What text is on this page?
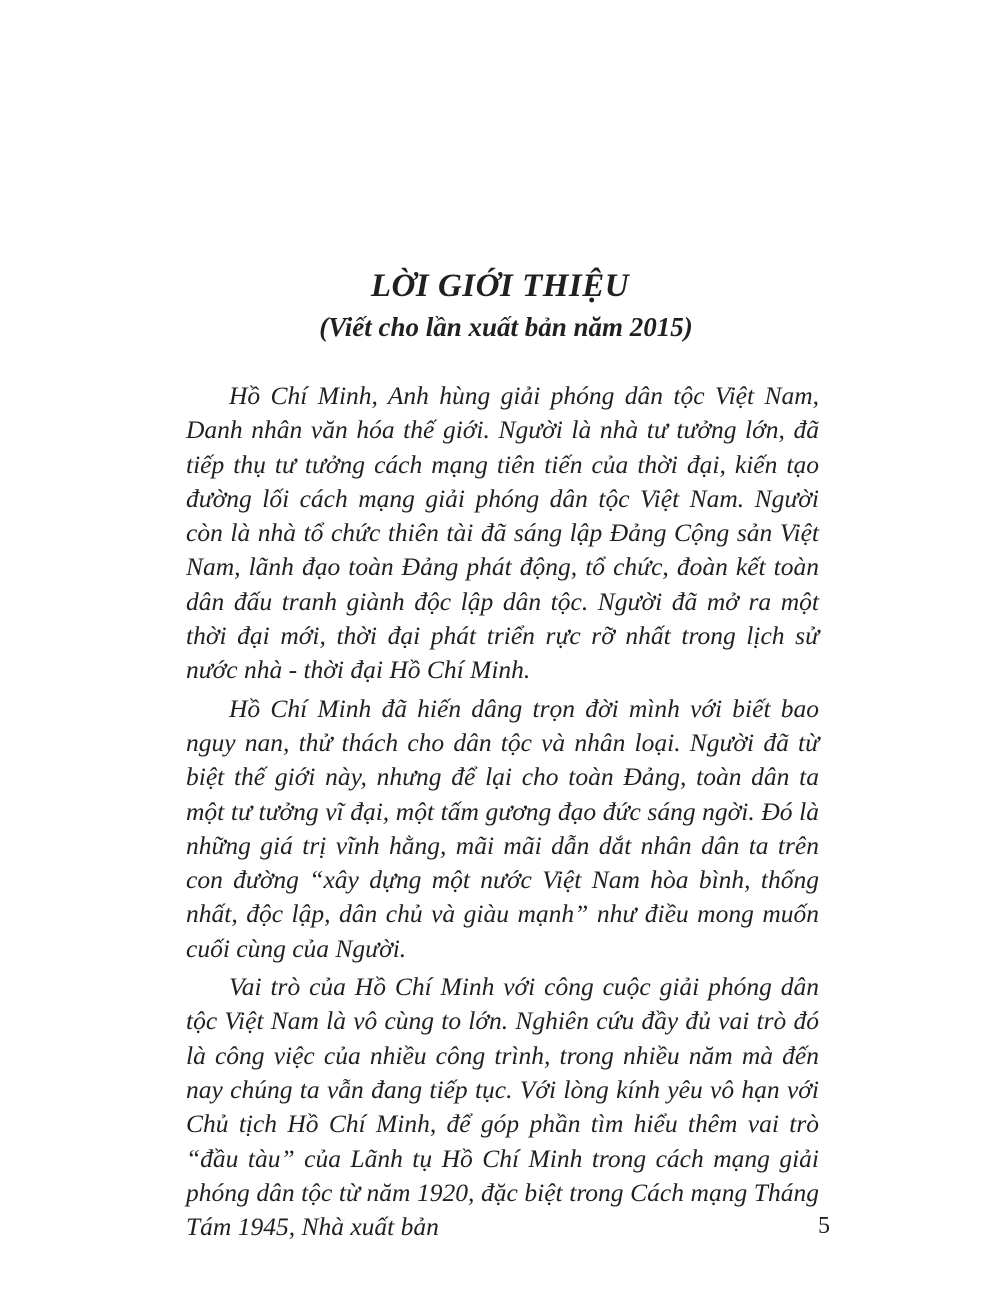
LỜI GIỚI THIỆU
(Viết cho lần xuất bản năm 2015)

Hồ Chí Minh, Anh hùng giải phóng dân tộc Việt Nam, Danh nhân văn hóa thế giới. Người là nhà tư tưởng lớn, đã tiếp thụ tư tưởng cách mạng tiên tiến của thời đại, kiến tạo đường lối cách mạng giải phóng dân tộc Việt Nam. Người còn là nhà tổ chức thiên tài đã sáng lập Đảng Cộng sản Việt Nam, lãnh đạo toàn Đảng phát động, tổ chức, đoàn kết toàn dân đấu tranh giành độc lập dân tộc. Người đã mở ra một thời đại mới, thời đại phát triển rực rỡ nhất trong lịch sử nước nhà - thời đại Hồ Chí Minh.

Hồ Chí Minh đã hiến dâng trọn đời mình với biết bao nguy nan, thử thách cho dân tộc và nhân loại. Người đã từ biệt thế giới này, nhưng để lại cho toàn Đảng, toàn dân ta một tư tưởng vĩ đại, một tấm gương đạo đức sáng ngời. Đó là những giá trị vĩnh hằng, mãi mãi dẫn dắt nhân dân ta trên con đường “xây dựng một nước Việt Nam hòa bình, thống nhất, độc lập, dân chủ và giàu mạnh” như điều mong muốn cuối cùng của Người.

Vai trò của Hồ Chí Minh với công cuộc giải phóng dân tộc Việt Nam là vô cùng to lớn. Nghiên cứu đầy đủ vai trò đó là công việc của nhiều công trình, trong nhiều năm mà đến nay chúng ta vẫn đang tiếp tục. Với lòng kính yêu vô hạn với Chủ tịch Hồ Chí Minh, để góp phần tìm hiểu thêm vai trò “đầu tàu” của Lãnh tụ Hồ Chí Minh trong cách mạng giải phóng dân tộc từ năm 1920, đặc biệt trong Cách mạng Tháng Tám 1945, Nhà xuất bản	5
